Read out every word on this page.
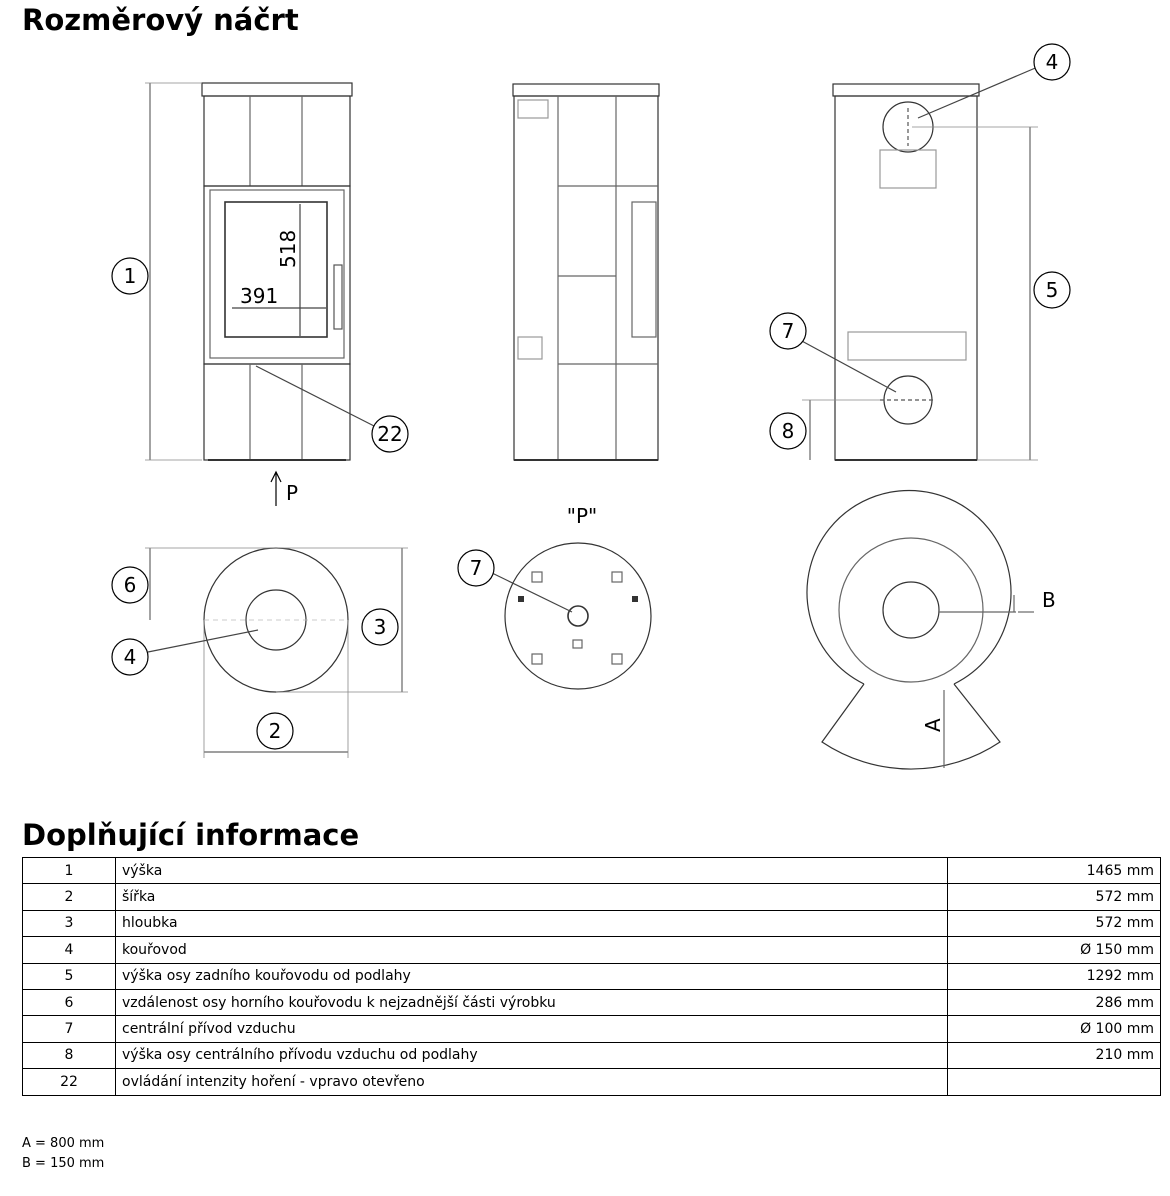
Rozměrový náčrt
1
22
4
5
7
8
6
4
3
2
7
518
391
P
"P"
A
B
Doplňující informace
1	výška	1465 mm
2	šířka	572 mm
3	hloubka	572 mm
4	kouřovod	Ø 150 mm
5	výška osy zadního kouřovodu od podlahy	1292 mm
6	vzdálenost osy horního kouřovodu k nejzadnější části výrobku	286 mm
7	centrální přívod vzduchu	Ø 100 mm
8	výška osy centrálního přívodu vzduchu od podlahy	210 mm
22	ovládání intenzity hoření - vpravo otevřeno	
A = 800 mm
B = 150 mm
